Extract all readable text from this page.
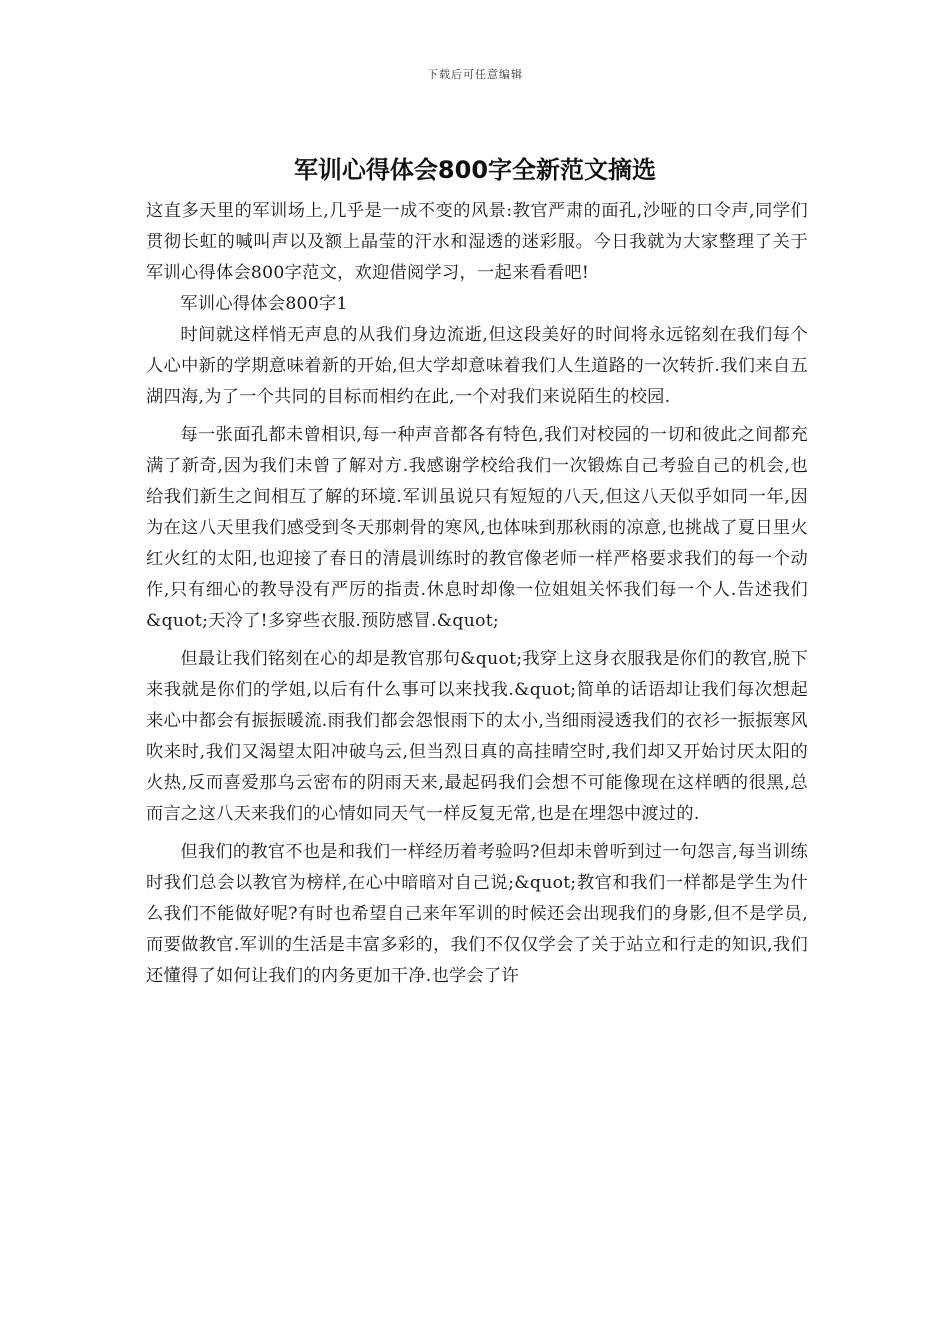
下载后可任意编辑
军训心得体会800字全新范文摘选

这直多天里的军训场上,几乎是一成不变的风景:教官严肃的面孔,沙哑的口令声,同学们贯彻长虹的喊叫声以及额上晶莹的汗水和湿透的迷彩服。今日我就为大家整理了关于军训心得体会800字范文，欢迎借阅学习，一起来看看吧!

军训心得体会800字1

时间就这样悄无声息的从我们身边流逝,但这段美好的时间将永远铭刻在我们每个人心中新的学期意味着新的开始,但大学却意味着我们人生道路的一次转折.我们来自五湖四海,为了一个共同的目标而相约在此,一个对我们来说陌生的校园.

每一张面孔都未曾相识,每一种声音都各有特色,我们对校园的一切和彼此之间都充满了新奇,因为我们未曾了解对方.我感谢学校给我们一次锻炼自己考验自己的机会,也给我们新生之间相互了解的环境.军训虽说只有短短的八天,但这八天似乎如同一年,因为在这八天里我们感受到冬天那刺骨的寒风,也体味到那秋雨的凉意,也挑战了夏日里火红火红的太阳,也迎接了春日的清晨训练时的教官像老师一样严格要求我们的每一个动作,只有细心的教导没有严厉的指责.休息时却像一位姐姐关怀我们每一个人.告述我们&quot;天冷了!多穿些衣服.预防感冒.&quot;

但最让我们铭刻在心的却是教官那句&quot;我穿上这身衣服我是你们的教官,脱下来我就是你们的学姐,以后有什么事可以来找我.&quot;简单的话语却让我们每次想起来心中都会有振振暖流.雨我们都会怨恨雨下的太小,当细雨浸透我们的衣衫一振振寒风吹来时,我们又渴望太阳冲破乌云,但当烈日真的高挂晴空时,我们却又开始讨厌太阳的火热,反而喜爱那乌云密布的阴雨天来,最起码我们会想不可能像现在这样晒的很黑,总而言之这八天来我们的心情如同天气一样反复无常,也是在埋怨中渡过的.

但我们的教官不也是和我们一样经历着考验吗?但却未曾听到过一句怨言,每当训练时我们总会以教官为榜样,在心中暗暗对自己说;&quot;教官和我们一样都是学生为什么我们不能做好呢?有时也希望自己来年军训的时候还会出现我们的身影,但不是学员,而要做教官.军训的生活是丰富多彩的，我们不仅仅学会了关于站立和行走的知识,我们还懂得了如何让我们的内务更加干净.也学会了许
